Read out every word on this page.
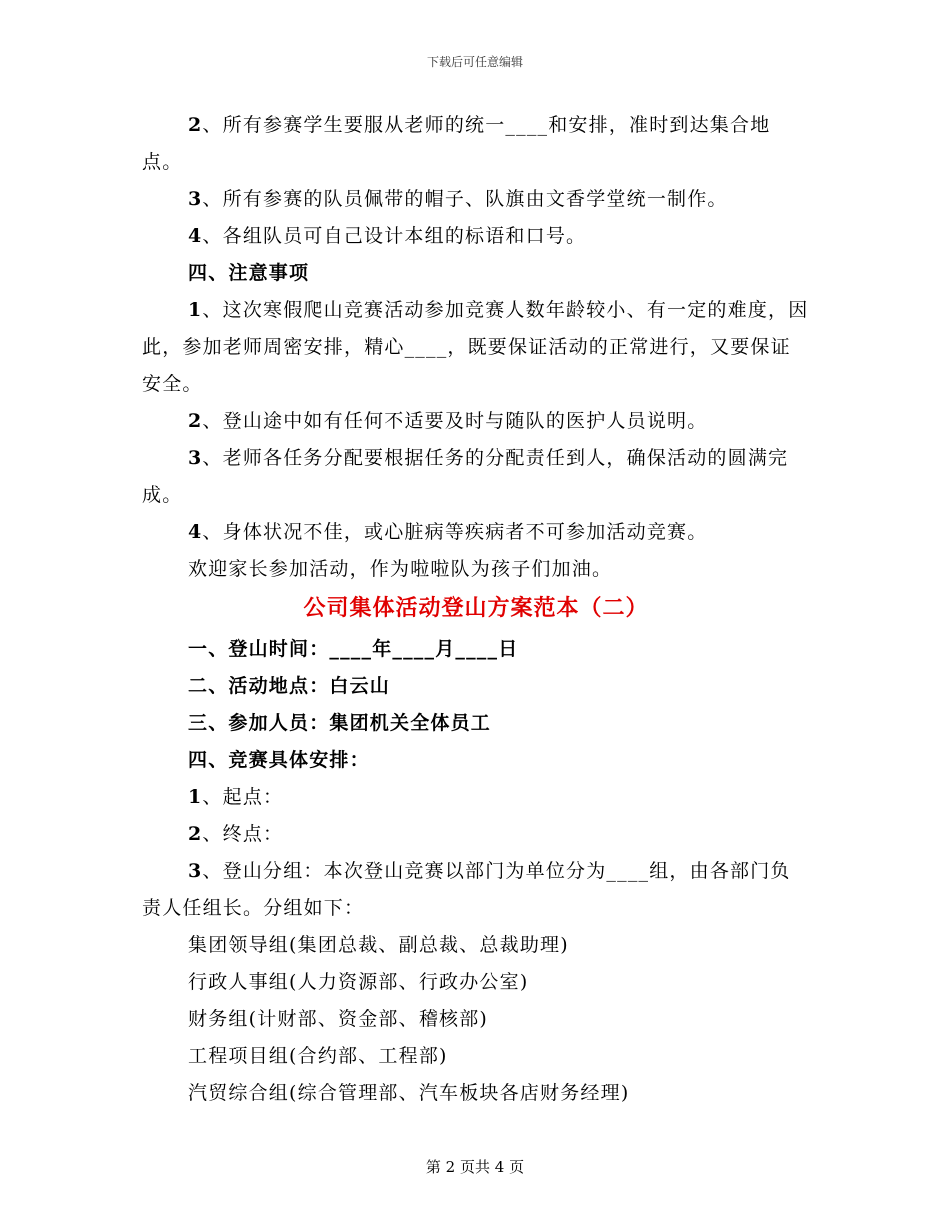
下载后可任意编辑

2、所有参赛学生要服从老师的统一____和安排，准时到达集合地点。

3、所有参赛的队员佩带的帽子、队旗由文香学堂统一制作。

4、各组队员可自己设计本组的标语和口号。

四、注意事项

1、这次寒假爬山竞赛活动参加竞赛人数年龄较小、有一定的难度，因此，参加老师周密安排，精心____，既要保证活动的正常进行，又要保证安全。

2、登山途中如有任何不适要及时与随队的医护人员说明。

3、老师各任务分配要根据任务的分配责任到人，确保活动的圆满完成。

4、身体状况不佳，或心脏病等疾病者不可参加活动竞赛。

欢迎家长参加活动，作为啦啦队为孩子们加油。

公司集体活动登山方案范本（二）

一、登山时间：____年____月____日

二、活动地点：白云山

三、参加人员：集团机关全体员工

四、竞赛具体安排：

1、起点：

2、终点：

3、登山分组：本次登山竞赛以部门为单位分为____组，由各部门负责人任组长。分组如下：

集团领导组(集团总裁、副总裁、总裁助理)

行政人事组(人力资源部、行政办公室)

财务组(计财部、资金部、稽核部)

工程项目组(合约部、工程部)

汽贸综合组(综合管理部、汽车板块各店财务经理)

第 2 页共 4 页
